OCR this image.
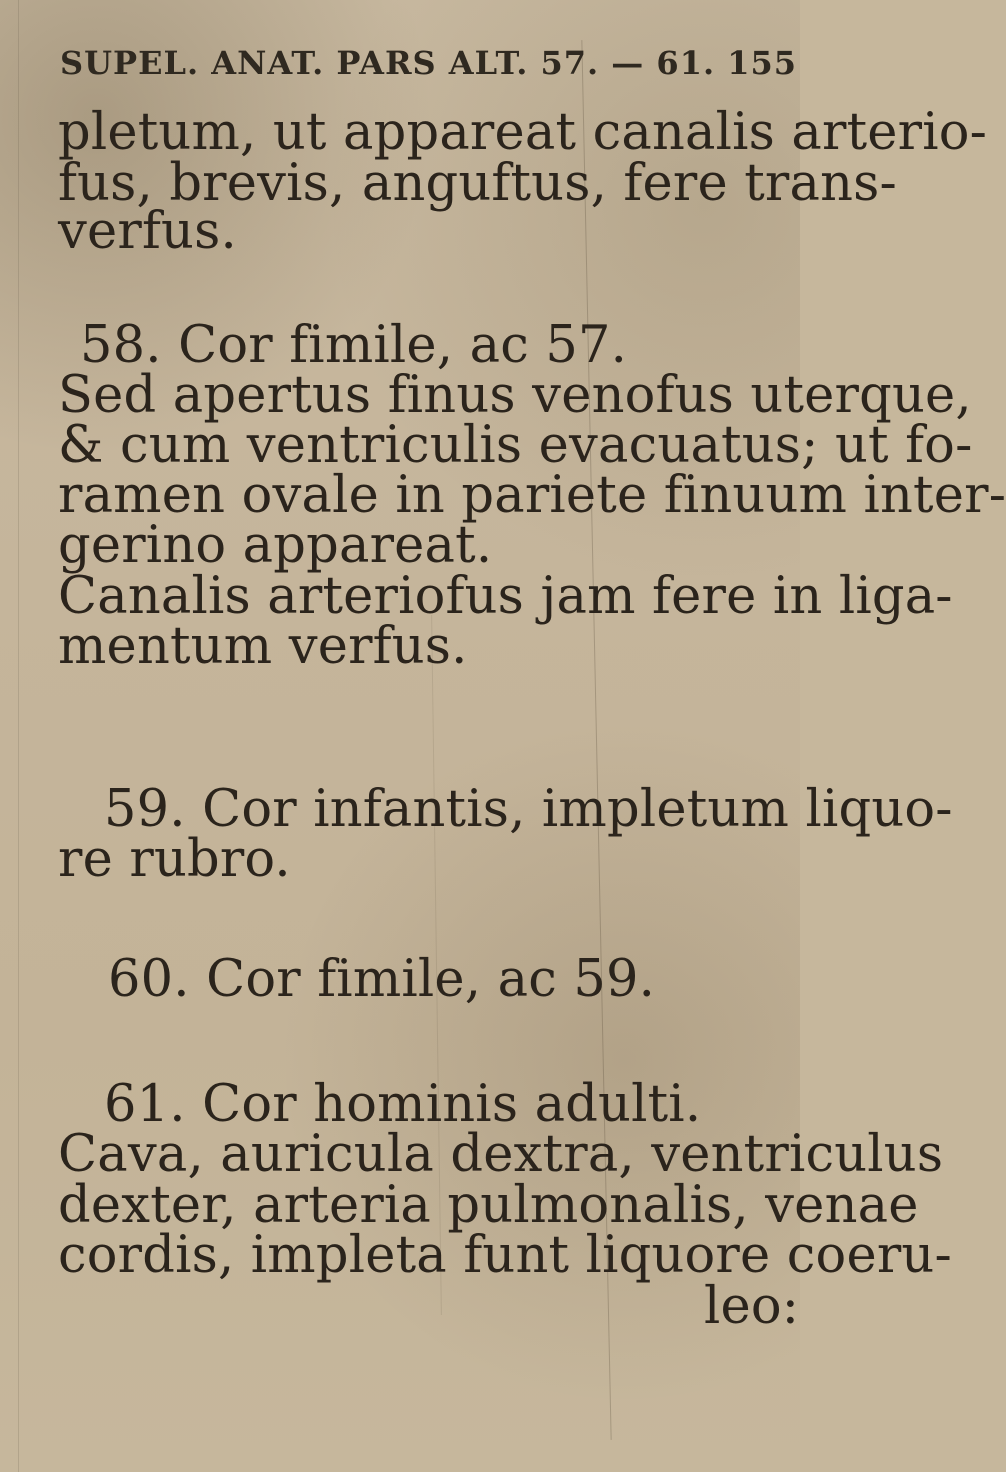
SUPEL. ANAT. PARS ALT. 57. — 61. 155
pletum, ut appareat canalis arterio-
fus, brevis, anguftus, fere trans-
verfus.
58. Cor fimile, ac 57.
Sed apertus finus venofus uterque,
& cum ventriculis evacuatus; ut fo-
ramen ovale in pariete finuum inter-
gerino appareat.
Canalis arteriofus jam fere in liga-
mentum verfus.
59. Cor infantis, impletum liquo-
re rubro.
60. Cor fimile, ac 59.
61. Cor hominis adulti.
Cava, auricula dextra, ventriculus
dexter, arteria pulmonalis, venae
cordis, impleta funt liquore coeru-
leo:
